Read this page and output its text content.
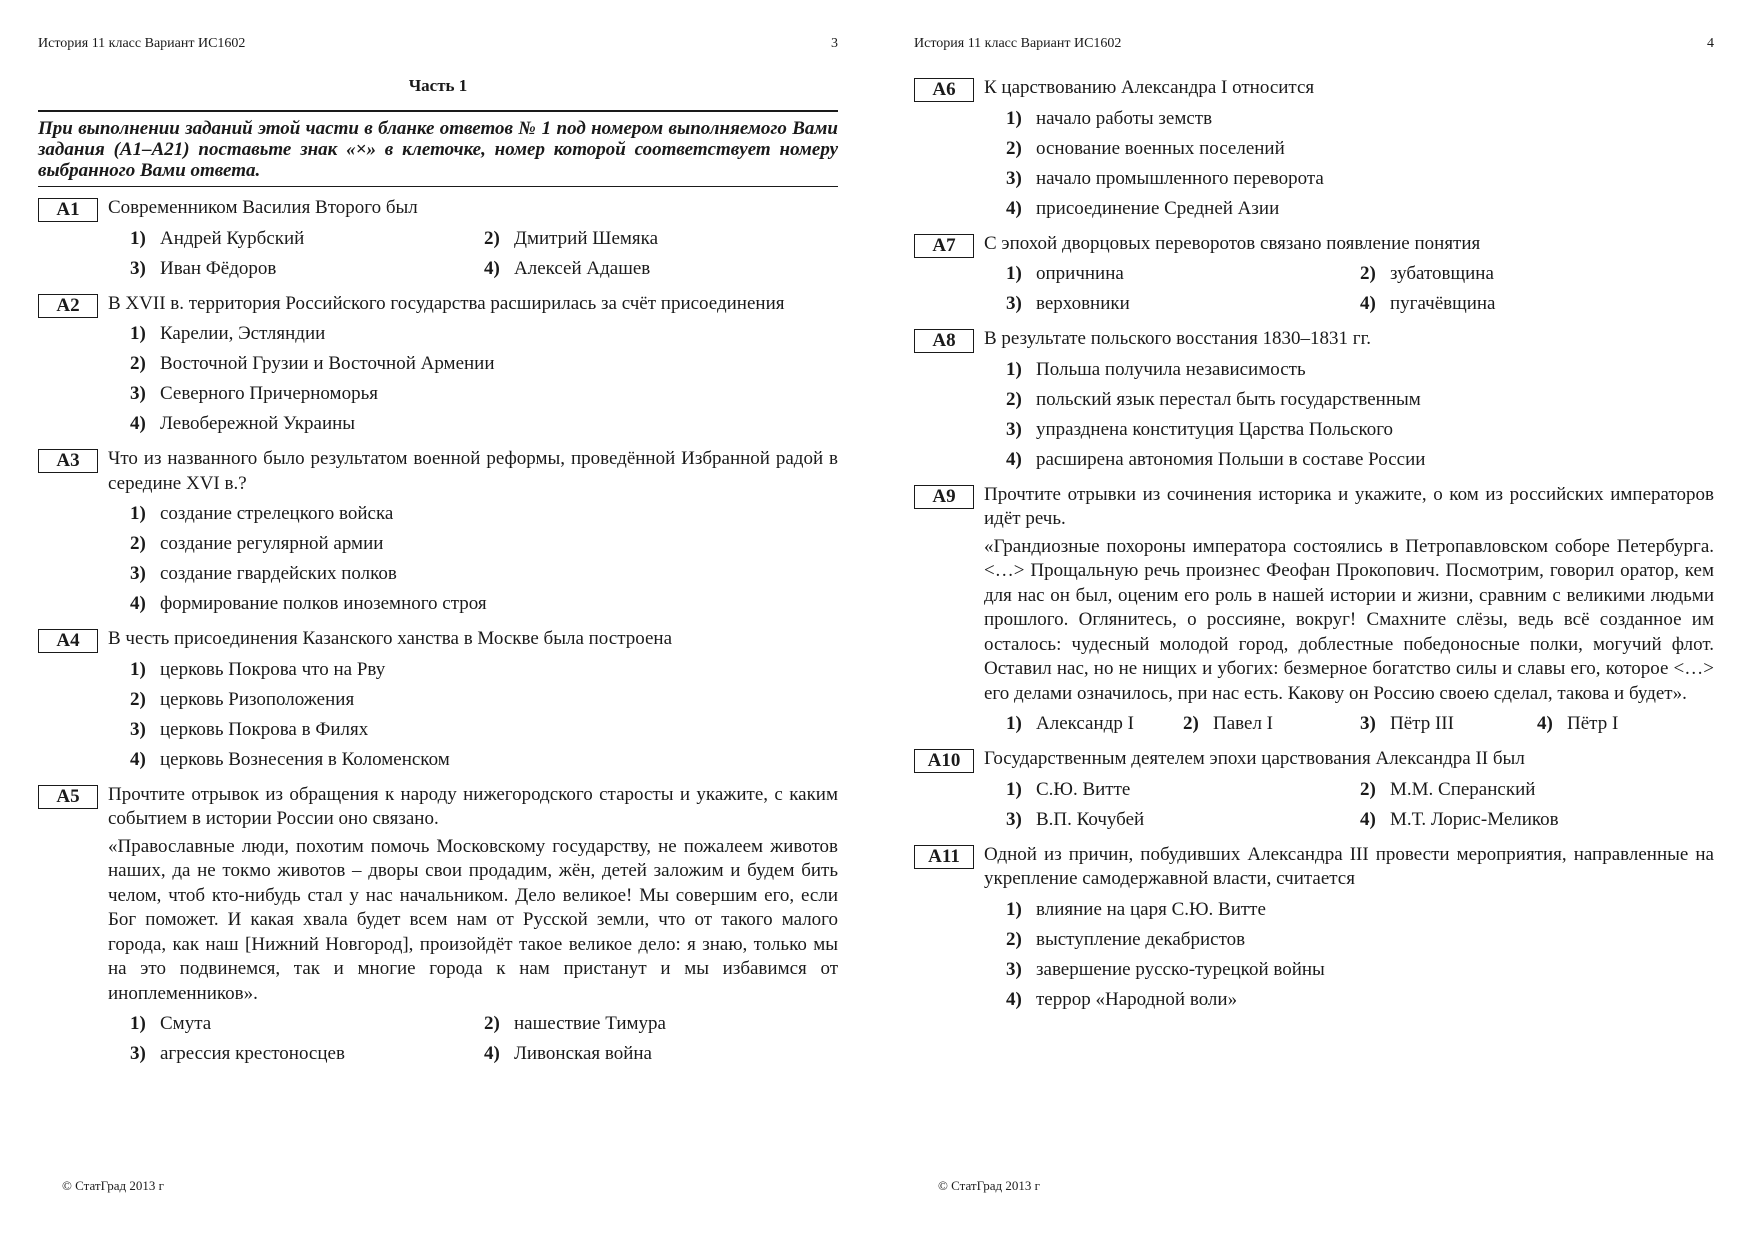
История 11 класс Вариант ИС1602	3
Часть 1
При выполнении заданий этой части в бланке ответов № 1 под номером выполняемого Вами задания (А1–А21) поставьте знак «×» в клеточке, номер которой соответствует номеру выбранного Вами ответа.
А1	Современником Василия Второго был
1) Андрей Курбский	2) Дмитрий Шемяка
3) Иван Фёдоров	4) Алексей Адашев
А2	В XVII в. территория Российского государства расширилась за счёт присоединения
1) Карелии, Эстляндии
2) Восточной Грузии и Восточной Армении
3) Северного Причерноморья
4) Левобережной Украины
А3	Что из названного было результатом военной реформы, проведённой Избранной радой в середине XVI в.?
1) создание стрелецкого войска
2) создание регулярной армии
3) создание гвардейских полков
4) формирование полков иноземного строя
А4	В честь присоединения Казанского ханства в Москве была построена
1) церковь Покрова что на Рву
2) церковь Ризоположения
3) церковь Покрова в Филях
4) церковь Вознесения в Коломенском
А5	Прочтите отрывок из обращения к народу нижегородского старосты и укажите, с каким событием в истории России оно связано.
«Православные люди, похотим помочь Московскому государству, не пожалеем животов наших, да не токмо животов – дворы свои продадим, жён, детей заложим и будем бить челом, чтоб кто-нибудь стал у нас начальником. Дело великое! Мы совершим его, если Бог поможет. И какая хвала будет всем нам от Русской земли, что от такого малого города, как наш [Нижний Новгород], произойдёт такое великое дело: я знаю, только мы на это подвинемся, так и многие города к нам пристанут и мы избавимся от иноплеменников».
1) Смута	2) нашествие Тимура
3) агрессия крестоносцев	4) Ливонская война
© СтатГрад 2013 г
История 11 класс Вариант ИС1602	4
А6	К царствованию Александра I относится
1) начало работы земств
2) основание военных поселений
3) начало промышленного переворота
4) присоединение Средней Азии
А7	С эпохой дворцовых переворотов связано появление понятия
1) опричнина	2) зубатовщина
3) верховники	4) пугачёвщина
А8	В результате польского восстания 1830–1831 гг.
1) Польша получила независимость
2) польский язык перестал быть государственным
3) упразднена конституция Царства Польского
4) расширена автономия Польши в составе России
А9	Прочтите отрывки из сочинения историка и укажите, о ком из российских императоров идёт речь.
«Грандиозные похороны императора состоялись в Петропавловском соборе Петербурга. <…> Прощальную речь произнес Феофан Прокопович. Посмотрим, говорил оратор, кем для нас он был, оценим его роль в нашей истории и жизни, сравним с великими людьми прошлого. Оглянитесь, о россияне, вокруг! Смахните слёзы, ведь всё созданное им осталось: чудесный молодой город, доблестные победоносные полки, могучий флот. Оставил нас, но не нищих и убогих: безмерное богатство силы и славы его, которое <…> его делами означилось, при нас есть. Какову он Россию своею сделал, такова и будет».
1) Александр I	2) Павел I	3) Пётр III	4) Пётр I
А10	Государственным деятелем эпохи царствования Александра II был
1) С.Ю. Витте	2) М.М. Сперанский
3) В.П. Кочубей	4) М.Т. Лорис-Меликов
А11	Одной из причин, побудивших Александра III провести мероприятия, направленные на укрепление самодержавной власти, считается
1) влияние на царя С.Ю. Витте
2) выступление декабристов
3) завершение русско-турецкой войны
4) террор «Народной воли»
© СтатГрад 2013 г
